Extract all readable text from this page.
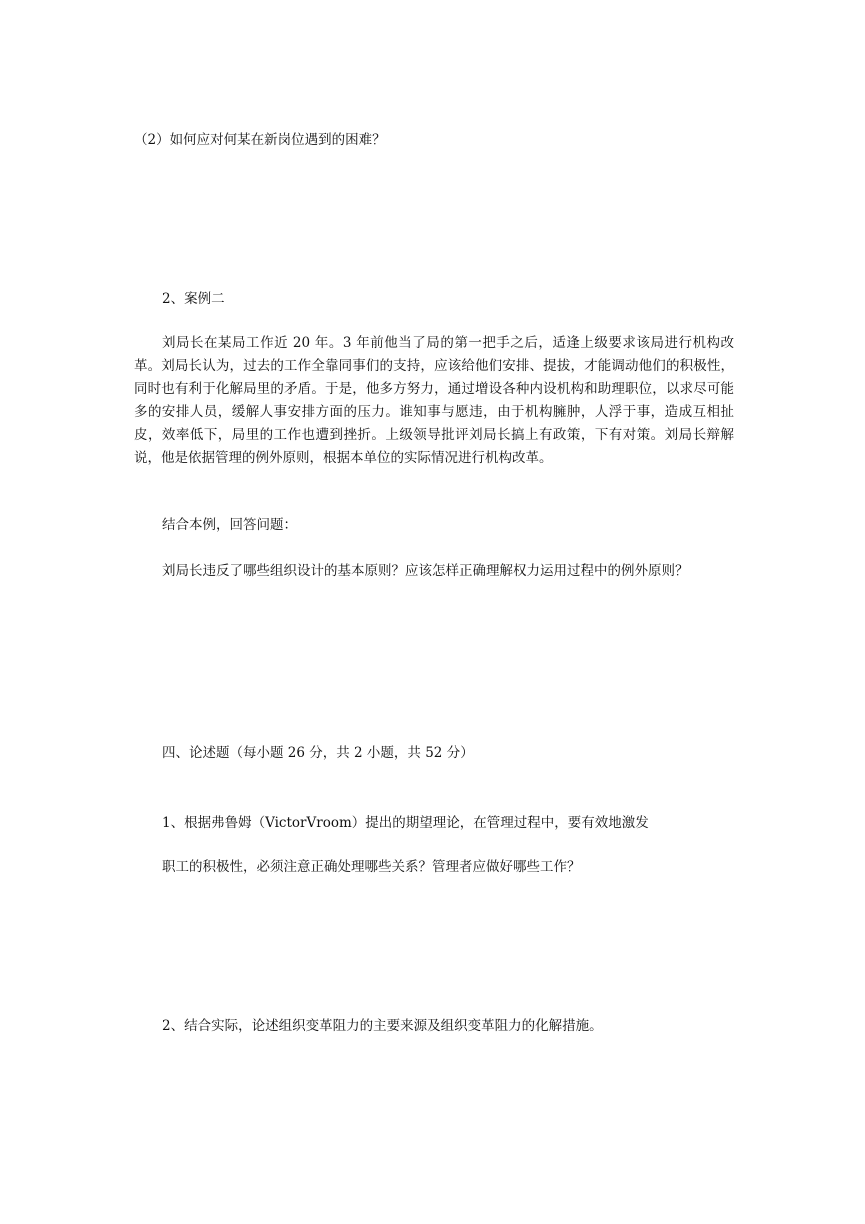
（2）如何应对何某在新岗位遇到的困难？
2、案例二
刘局长在某局工作近 20 年。3 年前他当了局的第一把手之后，适逢上级要求该局进行机构改革。刘局长认为，过去的工作全靠同事们的支持，应该给他们安排、提拔，才能调动他们的积极性，同时也有利于化解局里的矛盾。于是，他多方努力，通过增设各种内设机构和助理职位，以求尽可能多的安排人员，缓解人事安排方面的压力。谁知事与愿违，由于机构臃肿，人浮于事，造成互相扯皮，效率低下，局里的工作也遭到挫折。上级领导批评刘局长搞上有政策，下有对策。刘局长辩解说，他是依据管理的例外原则，根据本单位的实际情况进行机构改革。
结合本例，回答问题：
刘局长违反了哪些组织设计的基本原则？应该怎样正确理解权力运用过程中的例外原则？
四、论述题（每小题 26 分，共 2 小题，共 52 分）
1、根据弗鲁姆（VictorVroom）提出的期望理论，在管理过程中，要有效地激发
职工的积极性，必须注意正确处理哪些关系？管理者应做好哪些工作？
2、结合实际，论述组织变革阻力的主要来源及组织变革阻力的化解措施。
